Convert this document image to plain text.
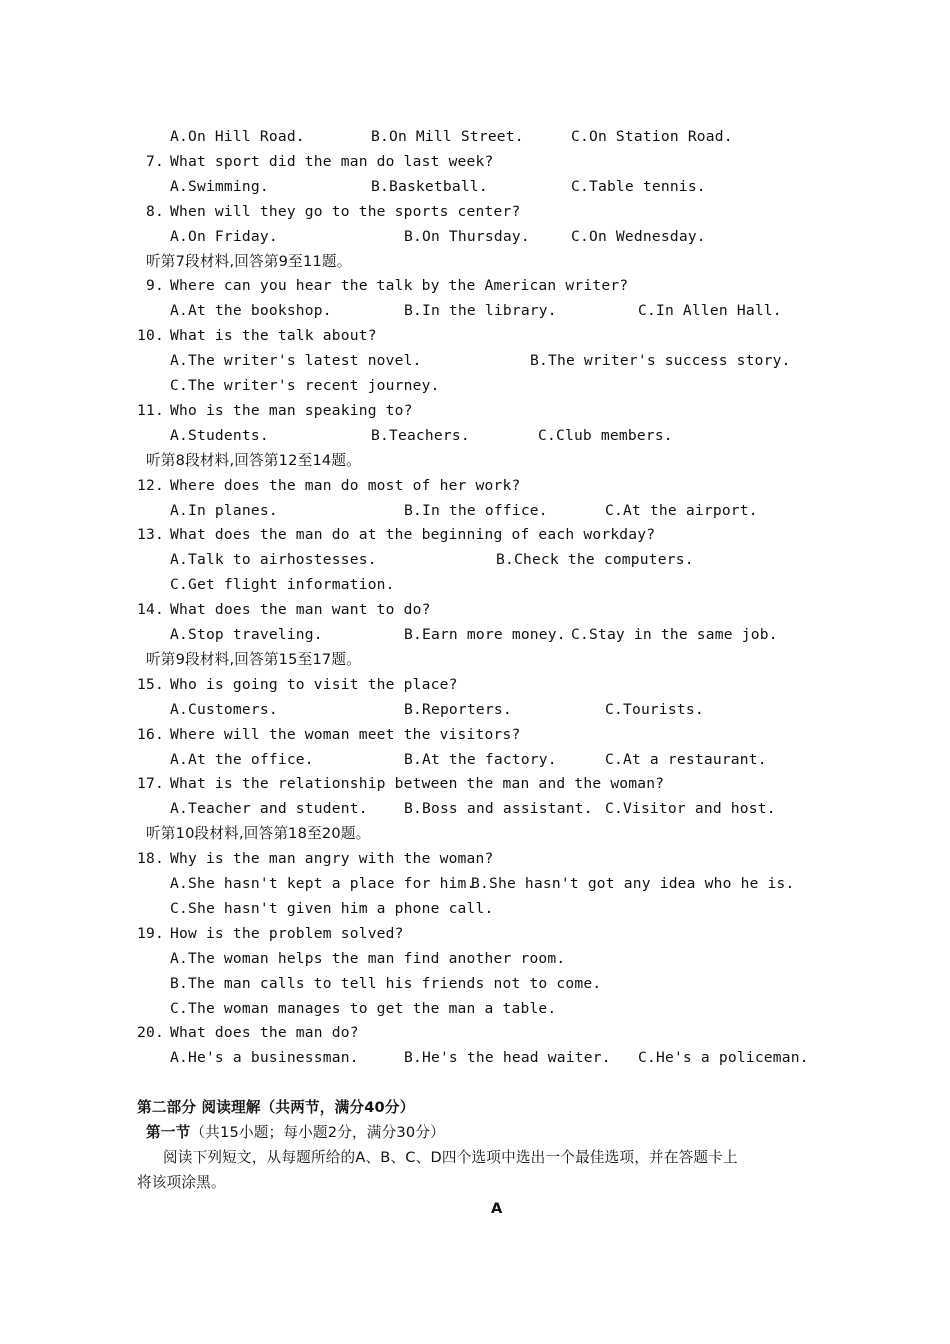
A.On Hill Road.	B.On Mill Street.	C.On Station Road.
7. What sport did the man do last week?
A.Swimming.	B.Basketball.	C.Table tennis.
8. When will they go to the sports center?
A.On Friday.	B.On Thursday.	C.On Wednesday.
听第7段材料,回答第9至11题。
9. Where can you hear the talk by the American writer?
A.At the bookshop.	B.In the library.	C.In Allen Hall.
10. What is the talk about?
A.The writer's latest novel.	B.The writer's success story.
C.The writer's recent journey.
11. Who is the man speaking to?
A.Students.	B.Teachers.	C.Club members.
听第8段材料,回答第12至14题。
12. Where does the man do most of her work?
A.In planes.	B.In the office.	C.At the airport.
13. What does the man do at the beginning of each workday?
A.Talk to airhostesses.	B.Check the computers.
C.Get flight information.
14. What does the man want to do?
A.Stop traveling.	B.Earn more money. C.Stay in the same job.
听第9段材料,回答第15至17题。
15. Who is going to visit the place?
A.Customers.	B.Reporters.	C.Tourists.
16. Where will the woman meet the visitors?
A.At the office.	B.At the factory.	C.At a restaurant.
17. What is the relationship between the man and the woman?
A.Teacher and student. B.Boss and assistant. C.Visitor and host.
听第10段材料,回答第18至20题。
18. Why is the man angry with the woman?
A.She hasn't kept a place for him.
B.She hasn't got any idea who he is.
C.She hasn't given him a phone call.
19. How is the problem solved?
A.The woman helps the man find another room.
B.The man calls to tell his friends not to come.
C.The woman manages to get the man a table.
20. What does the man do?
A.He's a businessman.	B.He's the head waiter. C.He's a policeman.
第二部分 阅读理解（共两节，满分40分）
第一节（共15小题；每小题2分，满分30分）
阅读下列短文，从每题所给的A、B、C、D四个选项中选出一个最佳选项，并在答题卡上
将该项涂黑。
A
